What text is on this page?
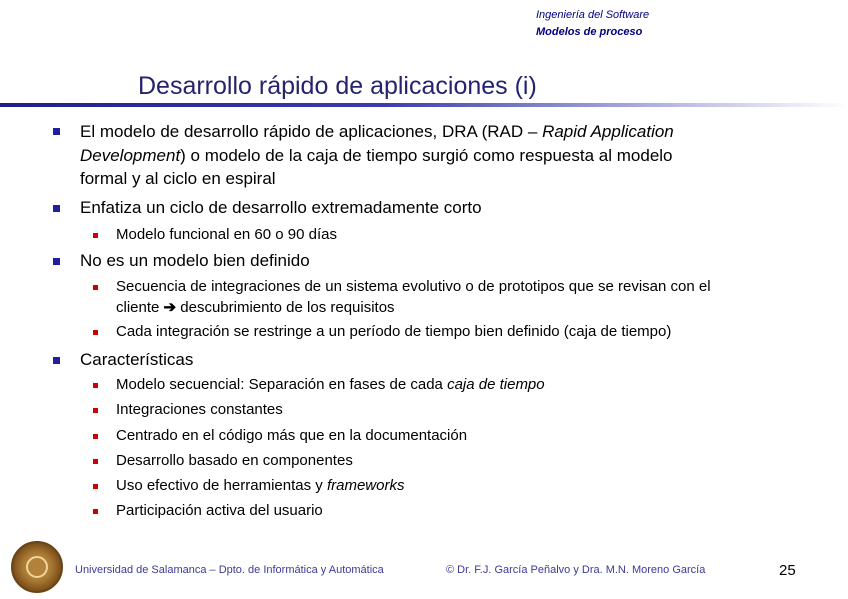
Ingeniería del Software
Modelos de proceso
Desarrollo rápido de aplicaciones (i)
El modelo de desarrollo rápido de aplicaciones, DRA (RAD – Rapid Application
Development) o modelo de la caja de tiempo surgió como respuesta al modelo
formal y al ciclo en espiral
Enfatiza un ciclo de desarrollo extremadamente corto
Modelo funcional en 60 o 90 días
No es un modelo bien definido
Secuencia de integraciones de un sistema evolutivo o de prototipos que se revisan con el
cliente ➔ descubrimiento de los requisitos
Cada integración se restringe a un período de tiempo bien definido (caja de tiempo)
Características
Modelo secuencial: Separación en fases de cada caja de tiempo
Integraciones constantes
Centrado en el código más que en la documentación
Desarrollo basado en componentes
Uso efectivo de herramientas y frameworks
Participación activa del usuario
Universidad de Salamanca – Dpto. de Informática y Automática	© Dr. F.J. García Peñalvo y Dra. M.N. Moreno García	25
